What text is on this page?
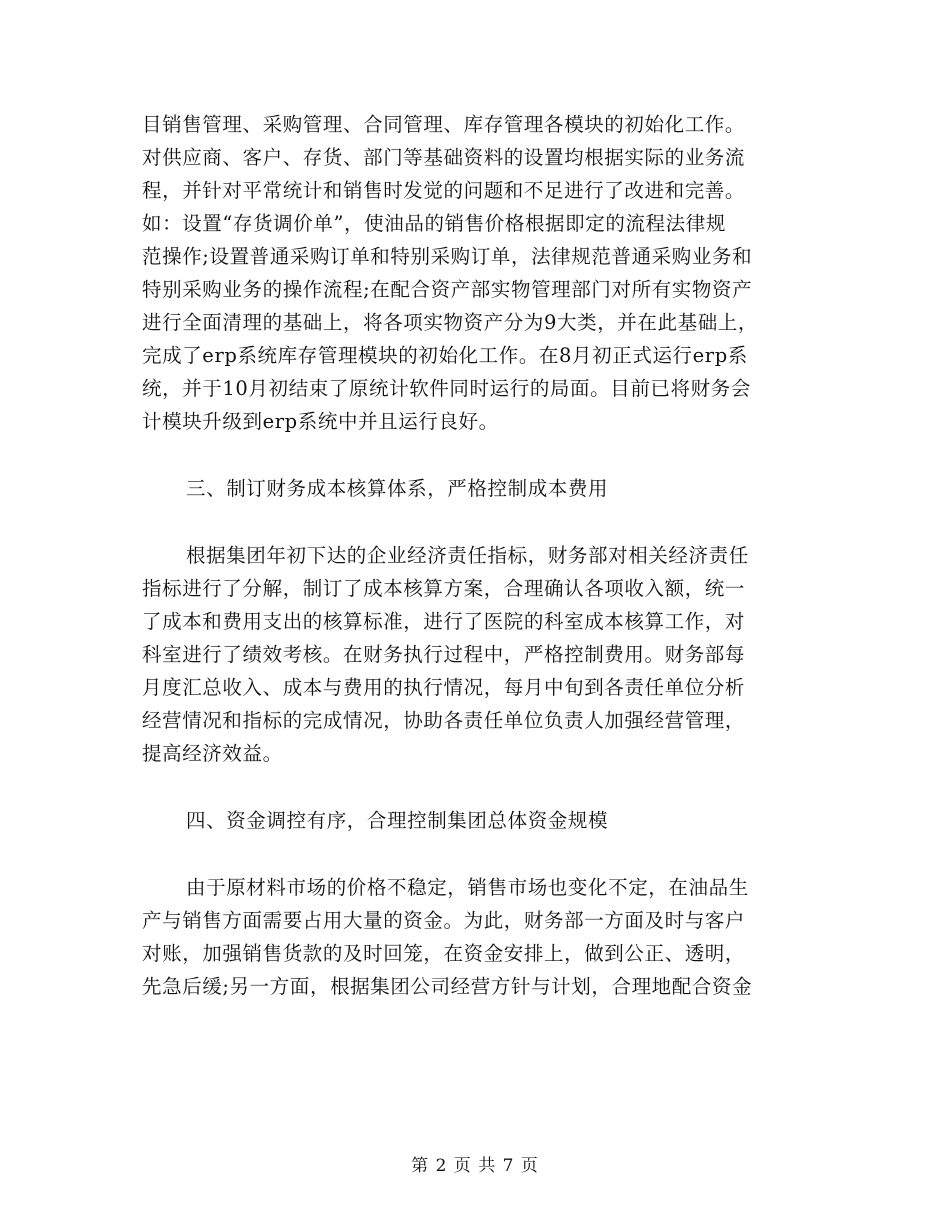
目销售管理、采购管理、合同管理、库存管理各模块的初始化工作。
对供应商、客户、存货、部门等基础资料的设置均根据实际的业务流
程，并针对平常统计和销售时发觉的问题和不足进行了改进和完善。
如：设置“存货调价单”，使油品的销售价格根据即定的流程法律规
范操作;设置普通采购订单和特别采购订单，法律规范普通采购业务和
特别采购业务的操作流程;在配合资产部实物管理部门对所有实物资产
进行全面清理的基础上，将各项实物资产分为9大类，并在此基础上，
完成了erp系统库存管理模块的初始化工作。在8月初正式运行erp系
统，并于10月初结束了原统计软件同时运行的局面。目前已将财务会
计模块升级到erp系统中并且运行良好。
三、制订财务成本核算体系，严格控制成本费用
根据集团年初下达的企业经济责任指标，财务部对相关经济责任
指标进行了分解，制订了成本核算方案，合理确认各项收入额，统一
了成本和费用支出的核算标准，进行了医院的科室成本核算工作，对
科室进行了绩效考核。在财务执行过程中，严格控制费用。财务部每
月度汇总收入、成本与费用的执行情况，每月中旬到各责任单位分析
经营情况和指标的完成情况，协助各责任单位负责人加强经营管理，
提高经济效益。
四、资金调控有序，合理控制集团总体资金规模
由于原材料市场的价格不稳定，销售市场也变化不定，在油品生
产与销售方面需要占用大量的资金。为此，财务部一方面及时与客户
对账，加强销售货款的及时回笼，在资金安排上，做到公正、透明，
先急后缓;另一方面，根据集团公司经营方针与计划，合理地配合资金
第 2 页 共 7 页
